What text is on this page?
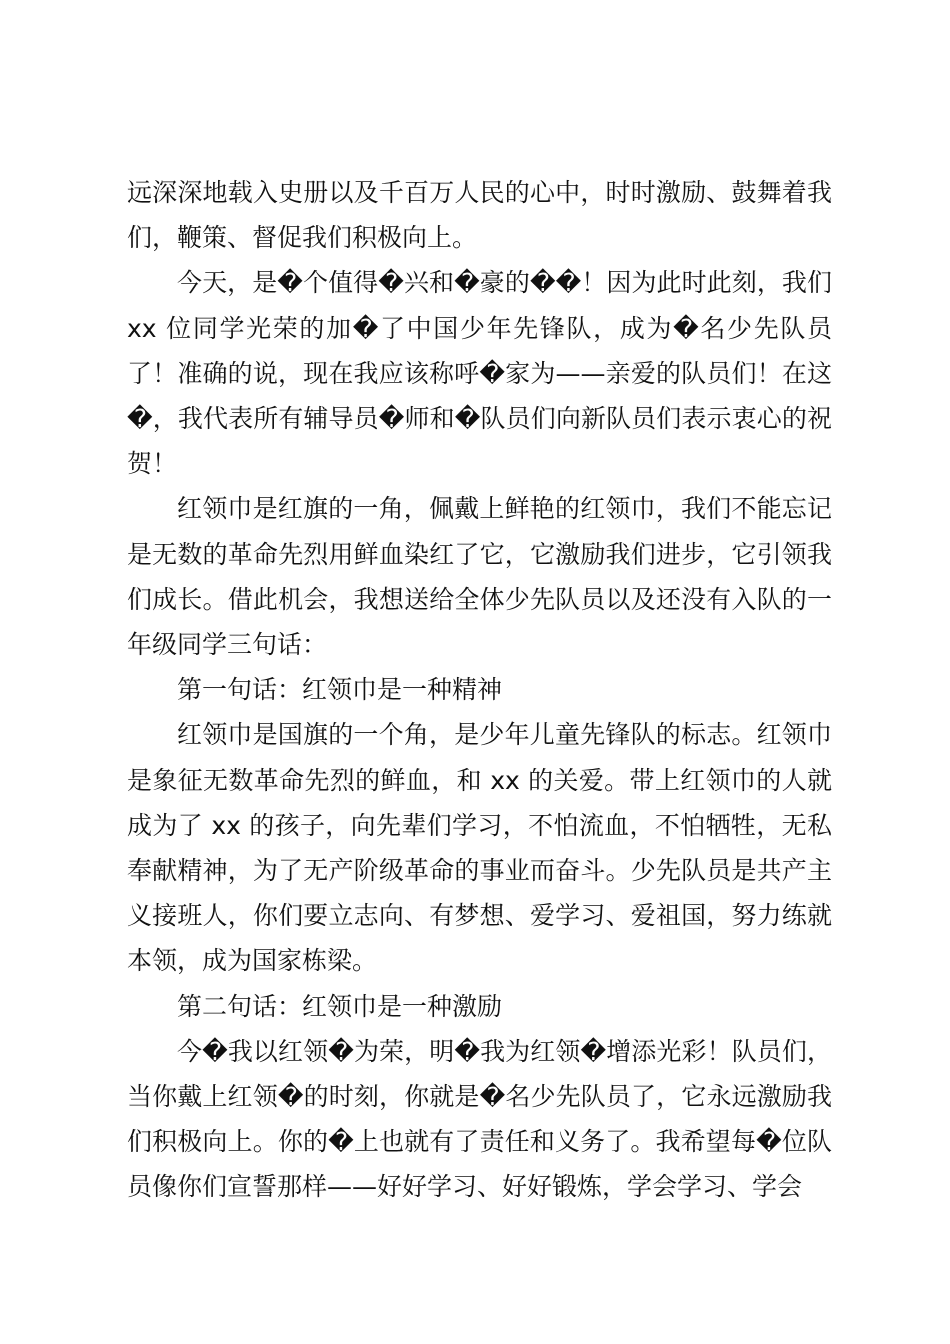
远深深地载入史册以及千百万人民的心中，时时激励、鼓舞着我们，鞭策、督促我们积极向上。

今天，是�个值得�兴和�豪的��！因为此时此刻，我们 xx 位同学光荣的加�了中国少年先锋队，成为�名少先队员了！准确的说，现在我应该称呼�家为——亲爱的队员们！在这�，我代表所有辅导员�师和�队员们向新队员们表示衷心的祝贺！

红领巾是红旗的一角，佩戴上鲜艳的红领巾，我们不能忘记是无数的革命先烈用鲜血染红了它，它激励我们进步，它引领我们成长。借此机会，我想送给全体少先队员以及还没有入队的一年级同学三句话：

第一句话：红领巾是一种精神

红领巾是国旗的一个角，是少年儿童先锋队的标志。红领巾是象征无数革命先烈的鲜血，和 xx 的关爱。带上红领巾的人就成为了 xx 的孩子，向先辈们学习，不怕流血，不怕牺牲，无私奉献精神，为了无产阶级革命的事业而奋斗。少先队员是共产主义接班人，你们要立志向、有梦想、爱学习、爱祖国，努力练就本领，成为国家栋梁。

第二句话：红领巾是一种激励

今�我以红领�为荣，明�我为红领�增添光彩！队员们，当你戴上红领�的时刻，你就是�名少先队员了，它永远激励我们积极向上。你的�上也就有了责任和义务了。我希望每�位队员像你们宣誓那样——好好学习、好好锻炼，学会学习、学会
